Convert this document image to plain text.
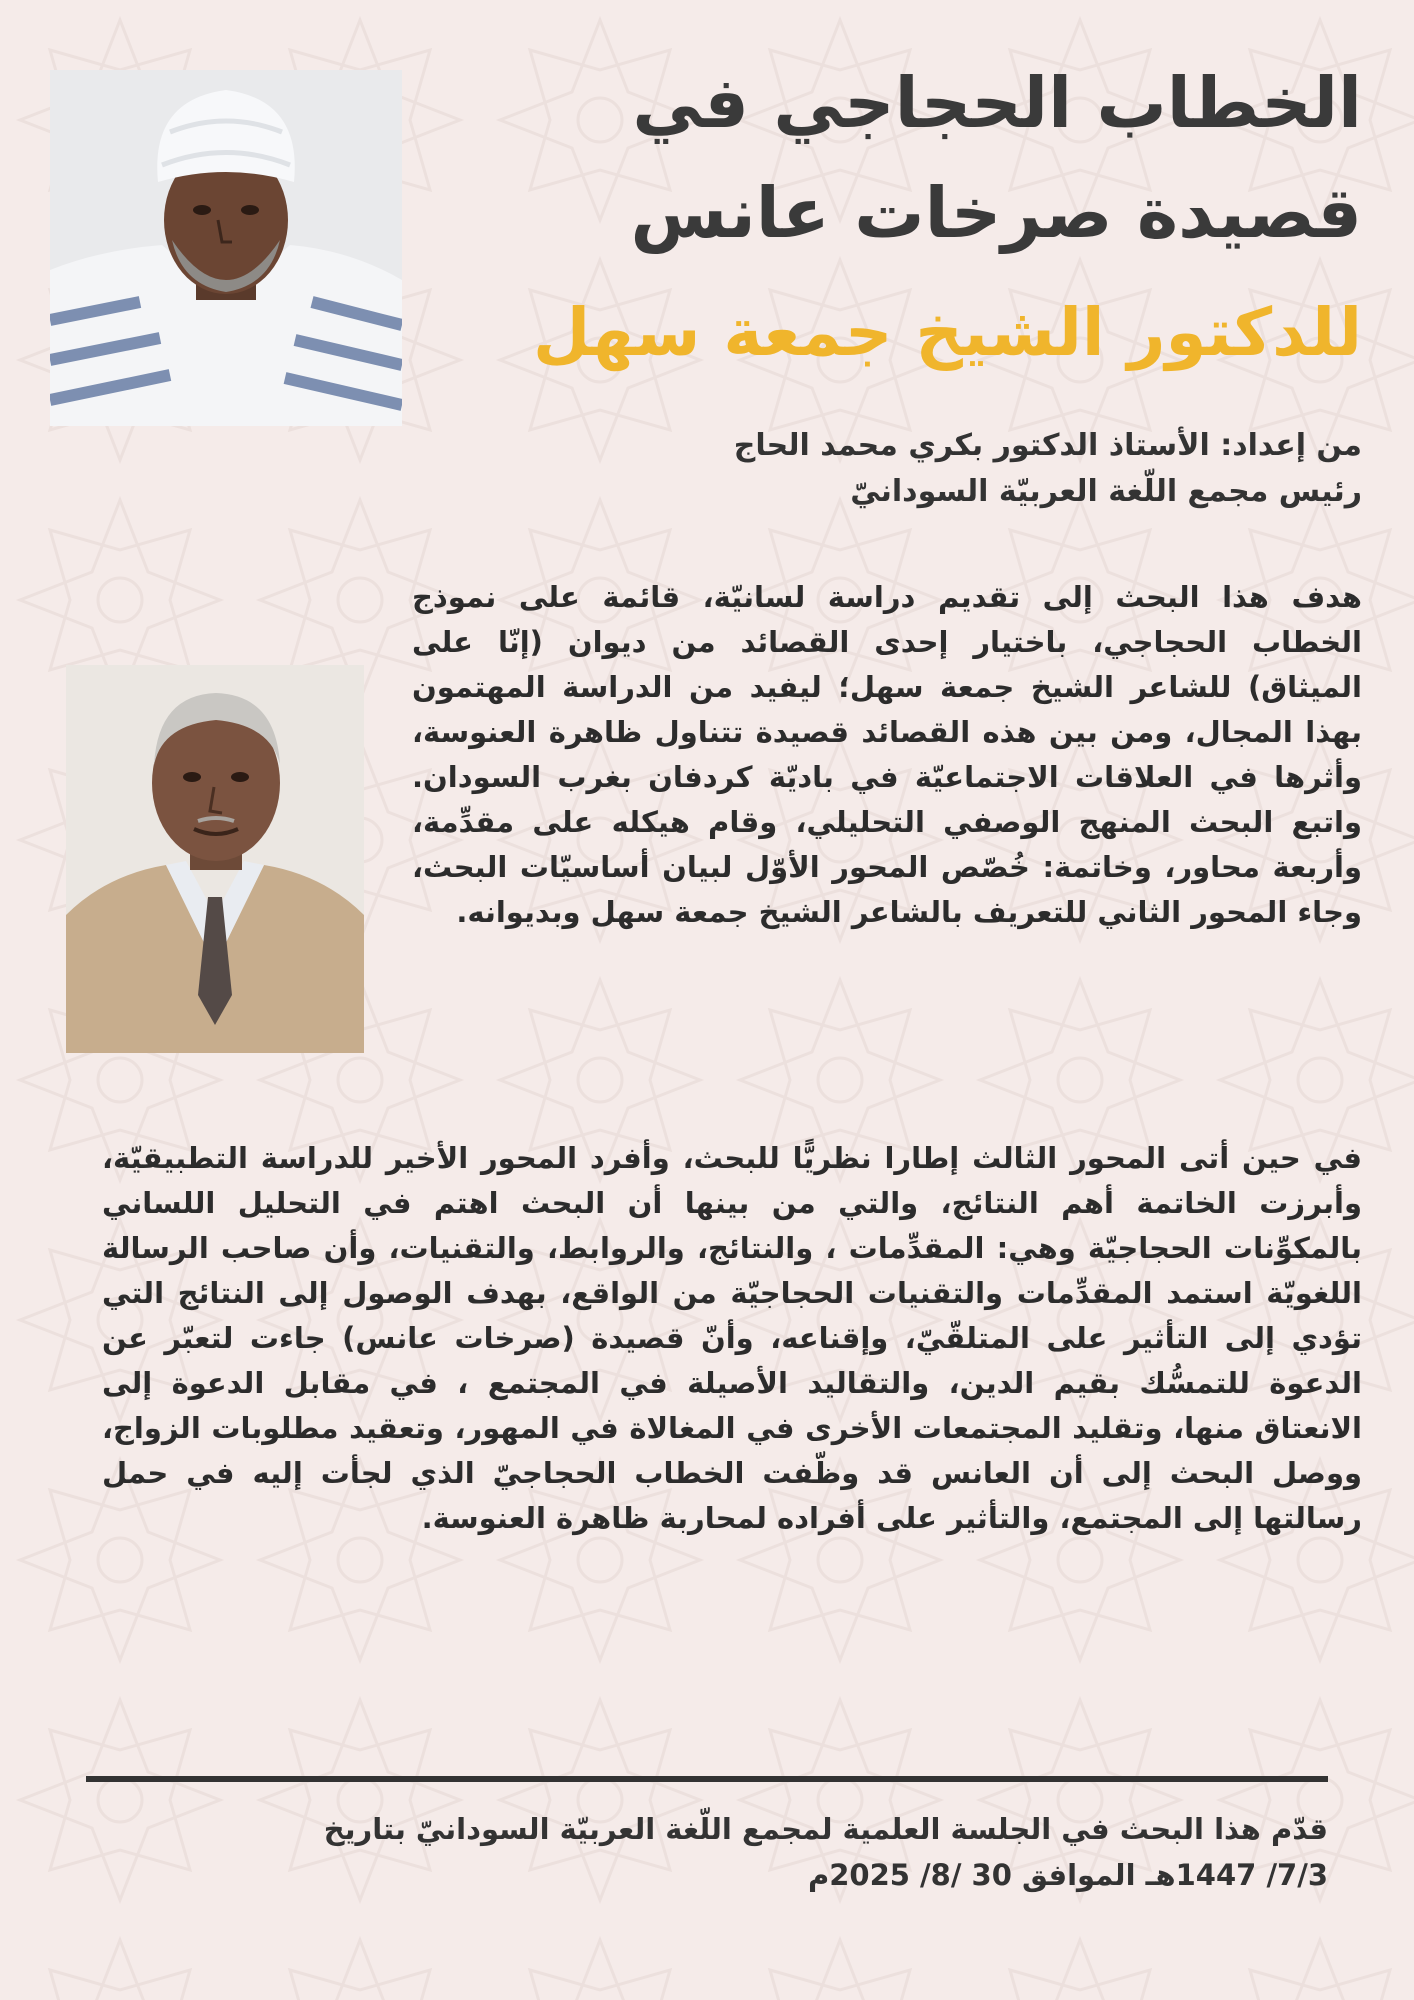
الخطاب الحجاجي في
قصيدة صرخات عانس
للدكتور الشيخ جمعة سهل
من إعداد: الأستاذ الدكتور بكري محمد الحاج
رئيس مجمع اللّغة العربيّة السودانيّ

هدف هذا البحث إلى تقديم دراسة لسانيّة، قائمة على نموذج الخطاب الحجاجي، باختيار إحدى القصائد من ديوان (إنّا على الميثاق) للشاعر الشيخ جمعة سهل؛ ليفيد من الدراسة المهتمون بهذا المجال، ومن بين هذه القصائد قصيدة تتناول ظاهرة العنوسة، وأثرها في العلاقات الاجتماعيّة في باديّة كردفان بغرب السودان. واتبع البحث المنهج الوصفي التحليلي، وقام هيكله على مقدِّمة، وأربعة محاور، وخاتمة: خُصّص المحور الأوّل لبيان أساسيّات البحث، وجاء المحور الثاني للتعريف بالشاعر الشيخ جمعة سهل وبديوانه.

في حين أتى المحور الثالث إطارا نظريًّا للبحث، وأفرد المحور الأخير للدراسة التطبيقيّة، وأبرزت الخاتمة أهم النتائج، والتي من بينها أن البحث اهتم في التحليل اللساني بالمكوِّنات الحجاجيّة وهي: المقدِّمات ، والنتائج، والروابط، والتقنيات، وأن صاحب الرسالة اللغويّة استمد المقدِّمات والتقنيات الحجاجيّة من الواقع، بهدف الوصول إلى النتائج التي تؤدي إلى التأثير على المتلقّيّ، وإقناعه، وأنّ قصيدة (صرخات عانس) جاءت لتعبّر عن الدعوة للتمسُّك بقيم الدين، والتقاليد الأصيلة في المجتمع ، في مقابل الدعوة إلى الانعتاق منها، وتقليد المجتمعات الأخرى في المغالاة في المهور، وتعقيد مطلوبات الزواج، ووصل البحث إلى أن العانس قد وظّفت الخطاب الحجاجيّ الذي لجأت إليه في حمل رسالتها إلى المجتمع، والتأثير على أفراده لمحاربة ظاهرة العنوسة.

قدّم هذا البحث في الجلسة العلمية لمجمع اللّغة العربيّة السودانيّ بتاريخ
7/3/ 1447هـ الموافق 30 /8/ 2025م
